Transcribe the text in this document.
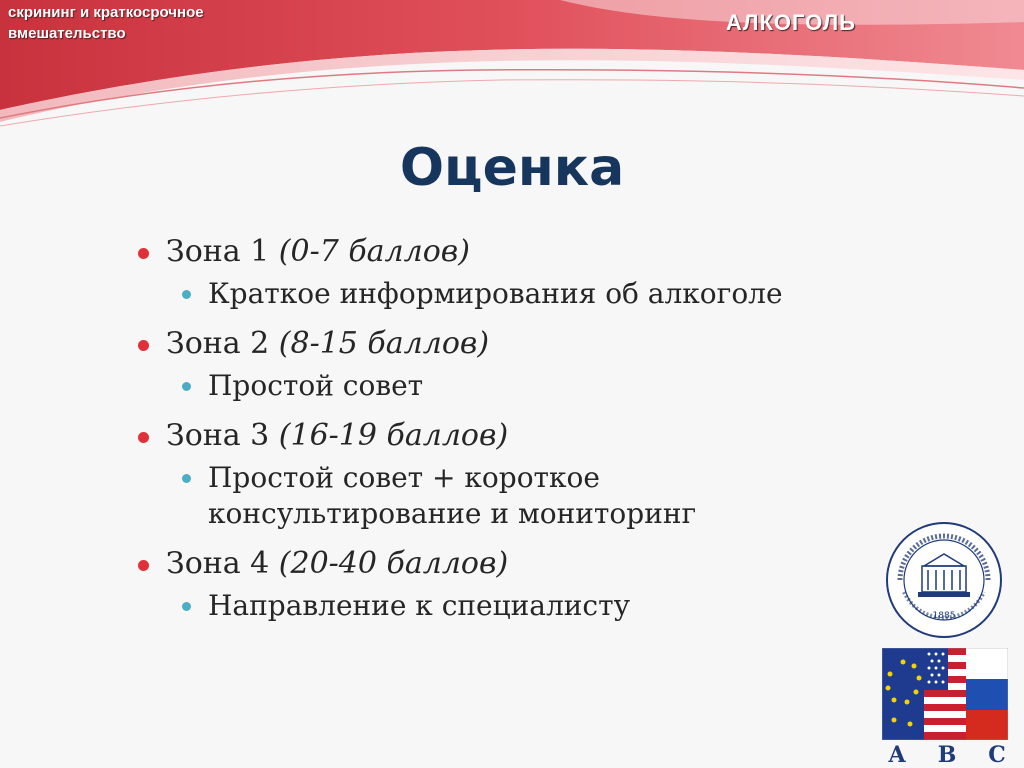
скрининг и краткосрочное вмешательство	АЛКОГОЛЬ
Оценка
Зона 1 (0-7 баллов)
Краткое информирования об алкоголе
Зона 2 (8-15 баллов)
Простой совет
Зона 3 (16-19 баллов)
Простой совет + короткое консультирование и мониторинг
Зона 4 (20-40 баллов)
Направление к специалисту	1885
A B C
